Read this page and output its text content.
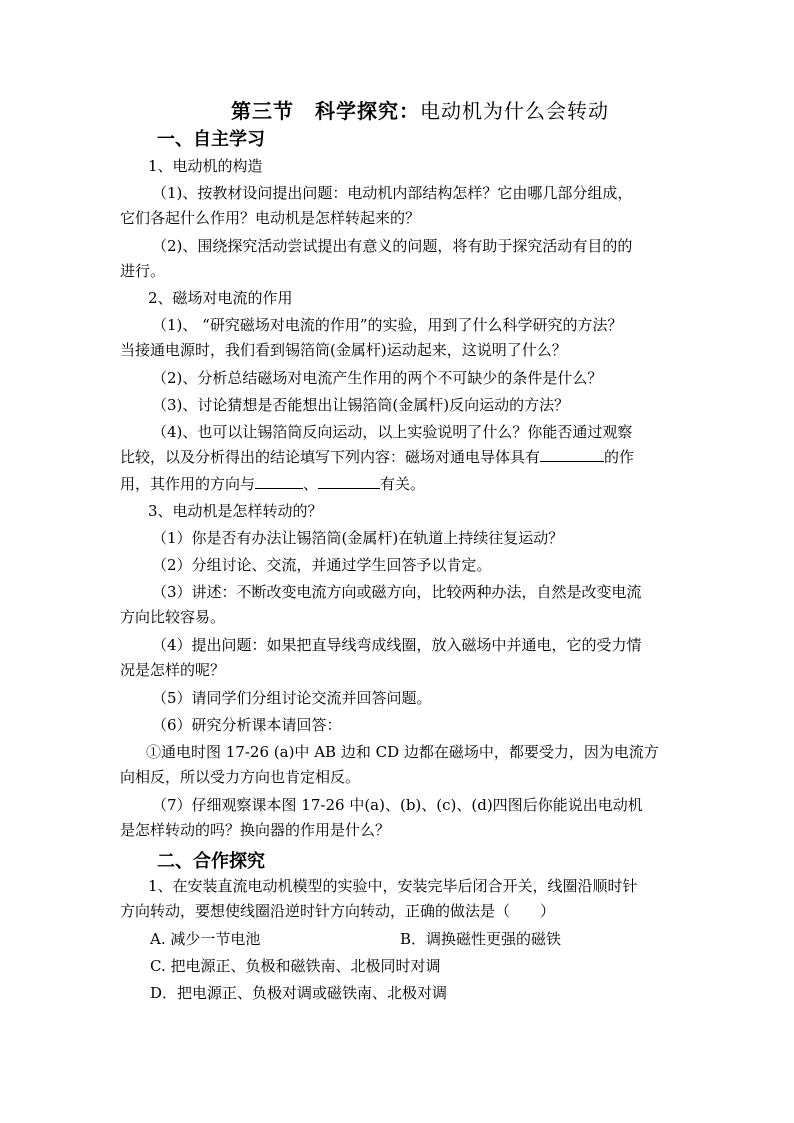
第三节　科学探究：电动机为什么会转动
一、自主学习
1、电动机的构造
（1)、按教材设问提出问题：电动机内部结构怎样？它由哪几部分组成，
它们各起什么作用？电动机是怎样转起来的？
（2)、围绕探究活动尝试提出有意义的问题，将有助于探究活动有目的的
进行。
2、磁场对电流的作用
（1)、 “研究磁场对电流的作用”的实验，用到了什么科学研究的方法？
当接通电源时，我们看到锡箔筒(金属杆)运动起来，这说明了什么？
（2)、分析总结磁场对电流产生作用的两个不可缺少的条件是什么？
（3)、讨论猜想是否能想出让锡箔筒(金属杆)反向运动的方法？
（4)、也可以让锡箔筒反向运动，以上实验说明了什么？你能否通过观察
比较，以及分析得出的结论填写下列内容：磁场对通电导体具有	的作
用，其作用的方向与	、	有关。
3、电动机是怎样转动的？
（1）你是否有办法让锡箔筒(金属杆)在轨道上持续往复运动？
（2）分组讨论、交流，并通过学生回答予以肯定。
（3）讲述：不断改变电流方向或磁方向，比较两种办法，自然是改变电流
方向比较容易。
（4）提出问题：如果把直导线弯成线圈，放入磁场中并通电，它的受力情
况是怎样的呢？
（5）请同学们分组讨论交流并回答问题。
（6）研究分析课本请回答：
①通电时图 17-26 (a)中 AB 边和 CD 边都在磁场中，都要受力，因为电流方
向相反，所以受力方向也肯定相反。
（7）仔细观察课本图 17-26 中(a)、(b)、(c)、(d)四图后你能说出电动机
是怎样转动的吗？换向器的作用是什么？
二、合作探究
1、在安装直流电动机模型的实验中，安装完毕后闭合开关，线圈沿顺时针
方向转动，要想使线圈沿逆时针方向转动，正确的做法是（　　）
A. 减少一节电池	B．调换磁性更强的磁铁
C. 把电源正、负极和磁铁南、北极同时对调
D．把电源正、负极对调或磁铁南、北极对调
